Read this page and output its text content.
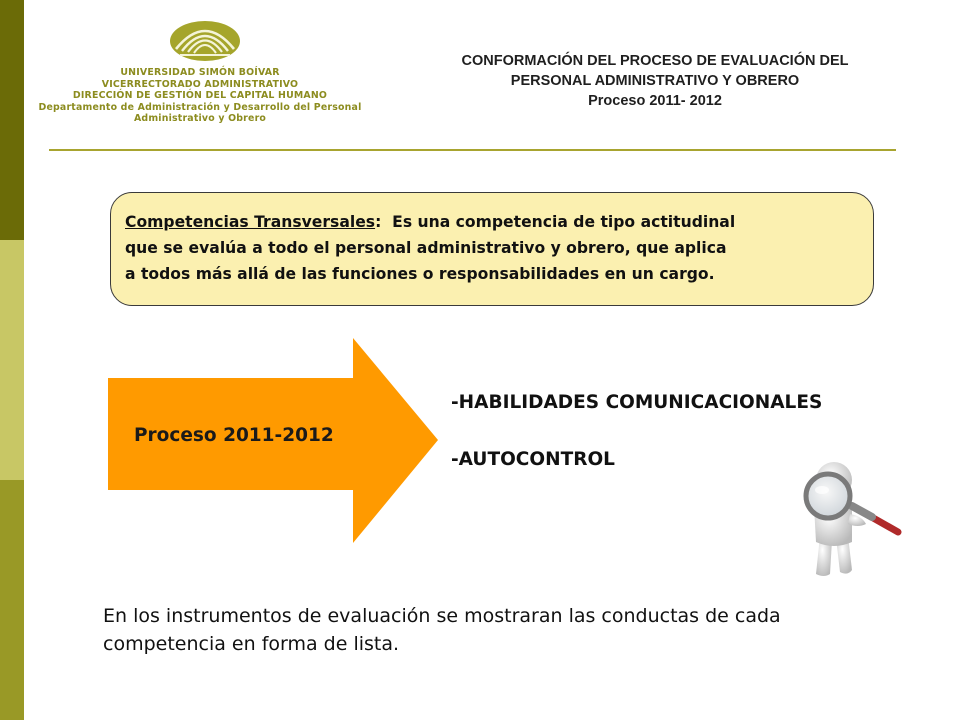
UNIVERSIDAD SIMÓN BOÍVAR
VICERRECTORADO ADMINISTRATIVO
DIRECCIÓN DE GESTIÓN DEL CAPITAL HUMANO
Departamento de Administración y Desarrollo del Personal
Administrativo y Obrero
CONFORMACIÓN DEL PROCESO DE EVALUACIÓN DEL
PERSONAL ADMINISTRATIVO Y OBRERO
Proceso 2011- 2012
Competencias Transversales:  Es una competencia de tipo actitudinal
que se evalúa a todo el personal administrativo y obrero, que aplica
a todos más allá de las funciones o responsabilidades en un cargo.
Proceso 2011-2012
-HABILIDADES COMUNICACIONALES
-AUTOCONTROL
En los instrumentos de evaluación se mostraran las conductas de cada
competencia en forma de lista.
